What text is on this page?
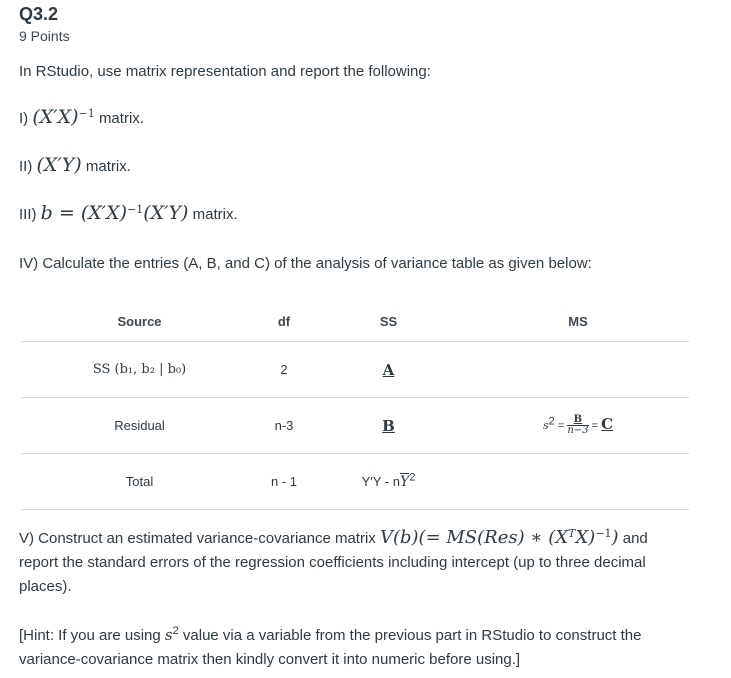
Q3.2
9 Points
In RStudio, use matrix representation and report the following:
I) $(X'X)^{-1}$ matrix.
II) (X′Y) matrix.
III) $b = (X'X)^{-1}(X'Y)$ matrix.
IV) Calculate the entries (A, B, and C) of the analysis of variance table as given below:
Source	df	SS	MS
SS (b₁, b₂ | b₀)	2	A	
Residual	n-3	B	$s^2 = \frac{B}{n-3} = C$
Total	n - 1	$Y'Y - n\overline{Y}^2$	
V) Construct an estimated variance-covariance matrix V(b)(= MS(Res) ∗ $(X^TX)^{-1}$) and
report the standard errors of the regression coefficients including intercept (up to three decimal
places).
[Hint: If you are using $s^2$ value via a variable from the previous part in RStudio to construct the
variance-covariance matrix then kindly convert it into numeric before using.]
